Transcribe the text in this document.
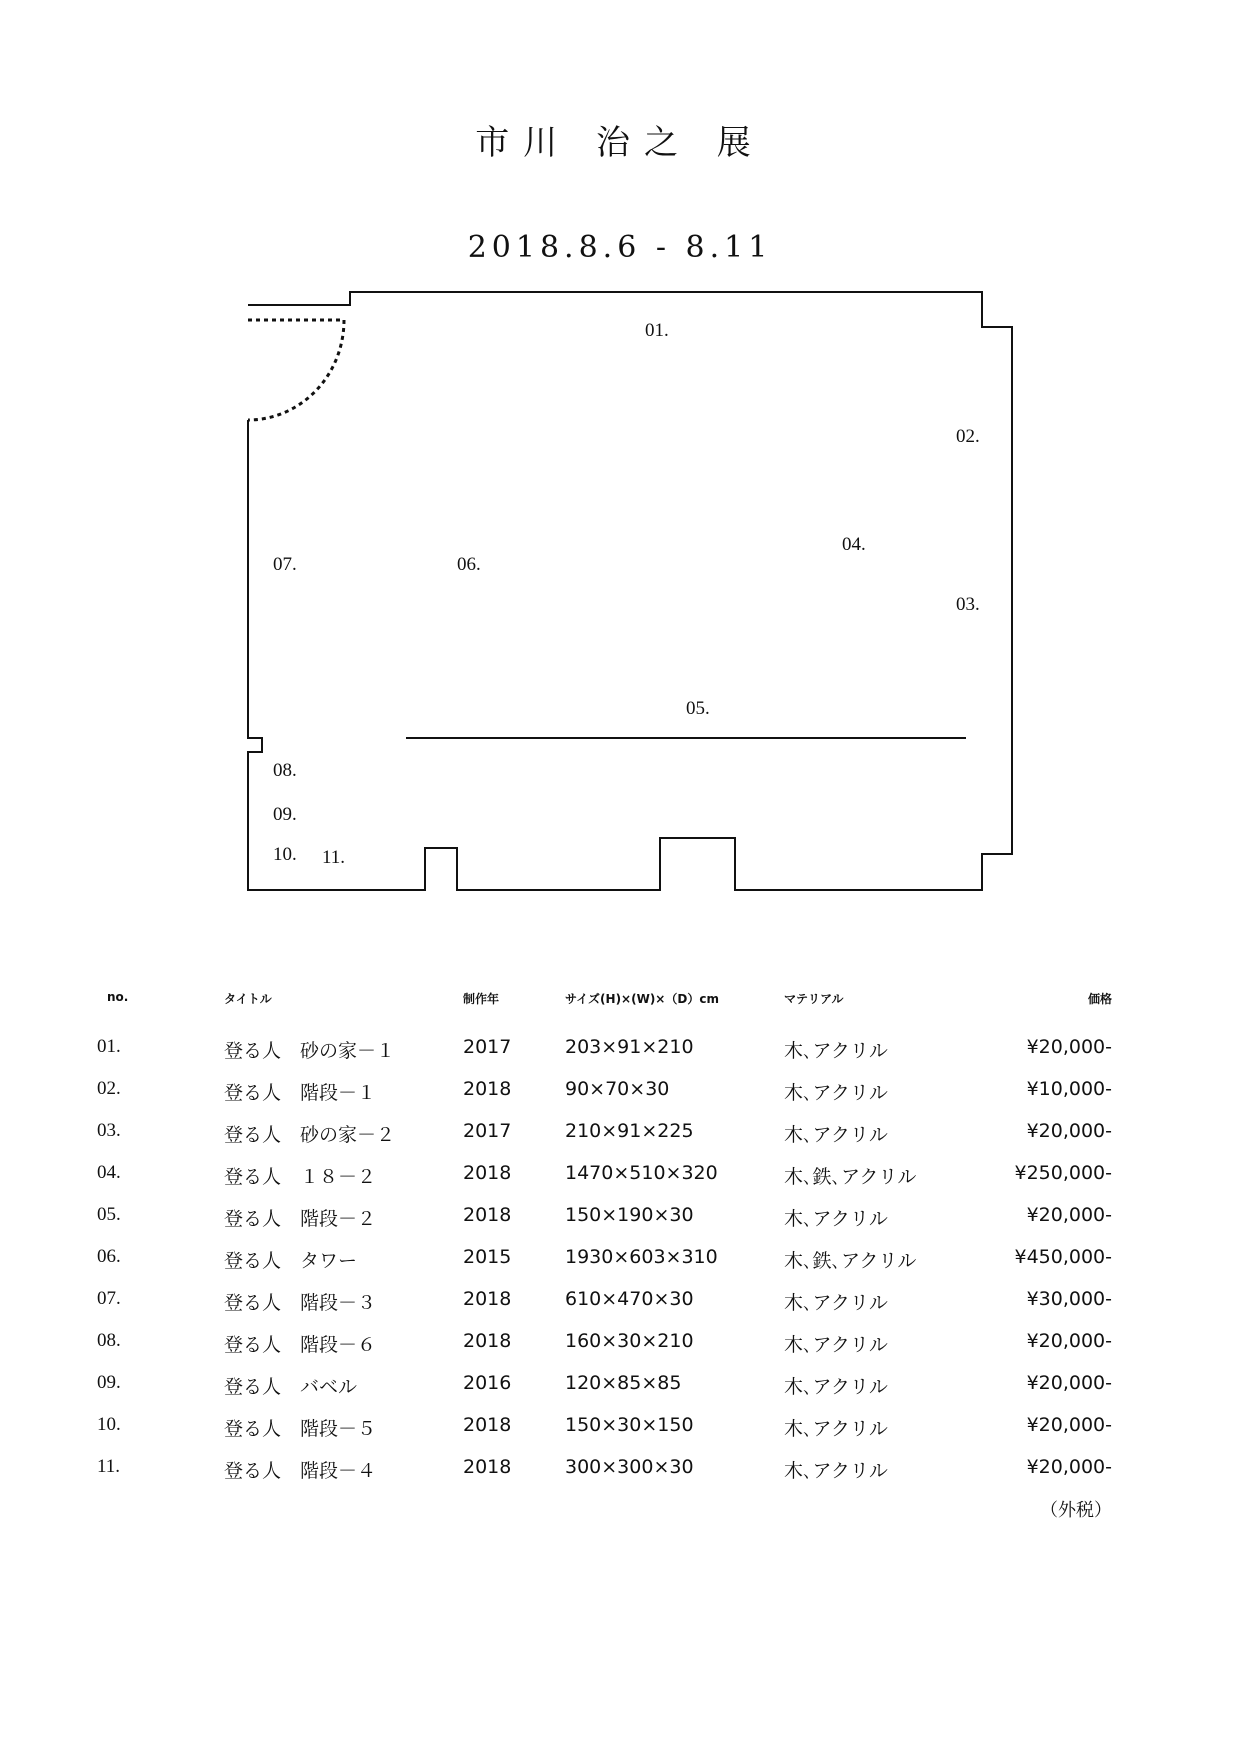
市川 治之 展
2018.8.6 - 8.11
01.
02.
03.
04.
05.
06.
07.
08.
09.
10. 11.
no.	タイトル	制作年	サイズ(H)×(W)×（D）cm	マテリアル	価格
01.	登る人　砂の家－１	2017	203×91×210	木､アクリル	¥20,000-
02.	登る人　階段－１	2018	90×70×30	木､アクリル	¥10,000-
03.	登る人　砂の家－２	2017	210×91×225	木､アクリル	¥20,000-
04.	登る人　１８－２	2018	1470×510×320	木､鉄､アクリル	¥250,000-
05.	登る人　階段－２	2018	150×190×30	木､アクリル	¥20,000-
06.	登る人　タワー	2015	1930×603×310	木､鉄､アクリル	¥450,000-
07.	登る人　階段－３	2018	610×470×30	木､アクリル	¥30,000-
08.	登る人　階段－６	2018	160×30×210	木､アクリル	¥20,000-
09.	登る人　バベル	2016	120×85×85	木､アクリル	¥20,000-
10.	登る人　階段－５	2018	150×30×150	木､アクリル	¥20,000-
11.	登る人　階段－４	2018	300×300×30	木､アクリル	¥20,000-
（外税）
